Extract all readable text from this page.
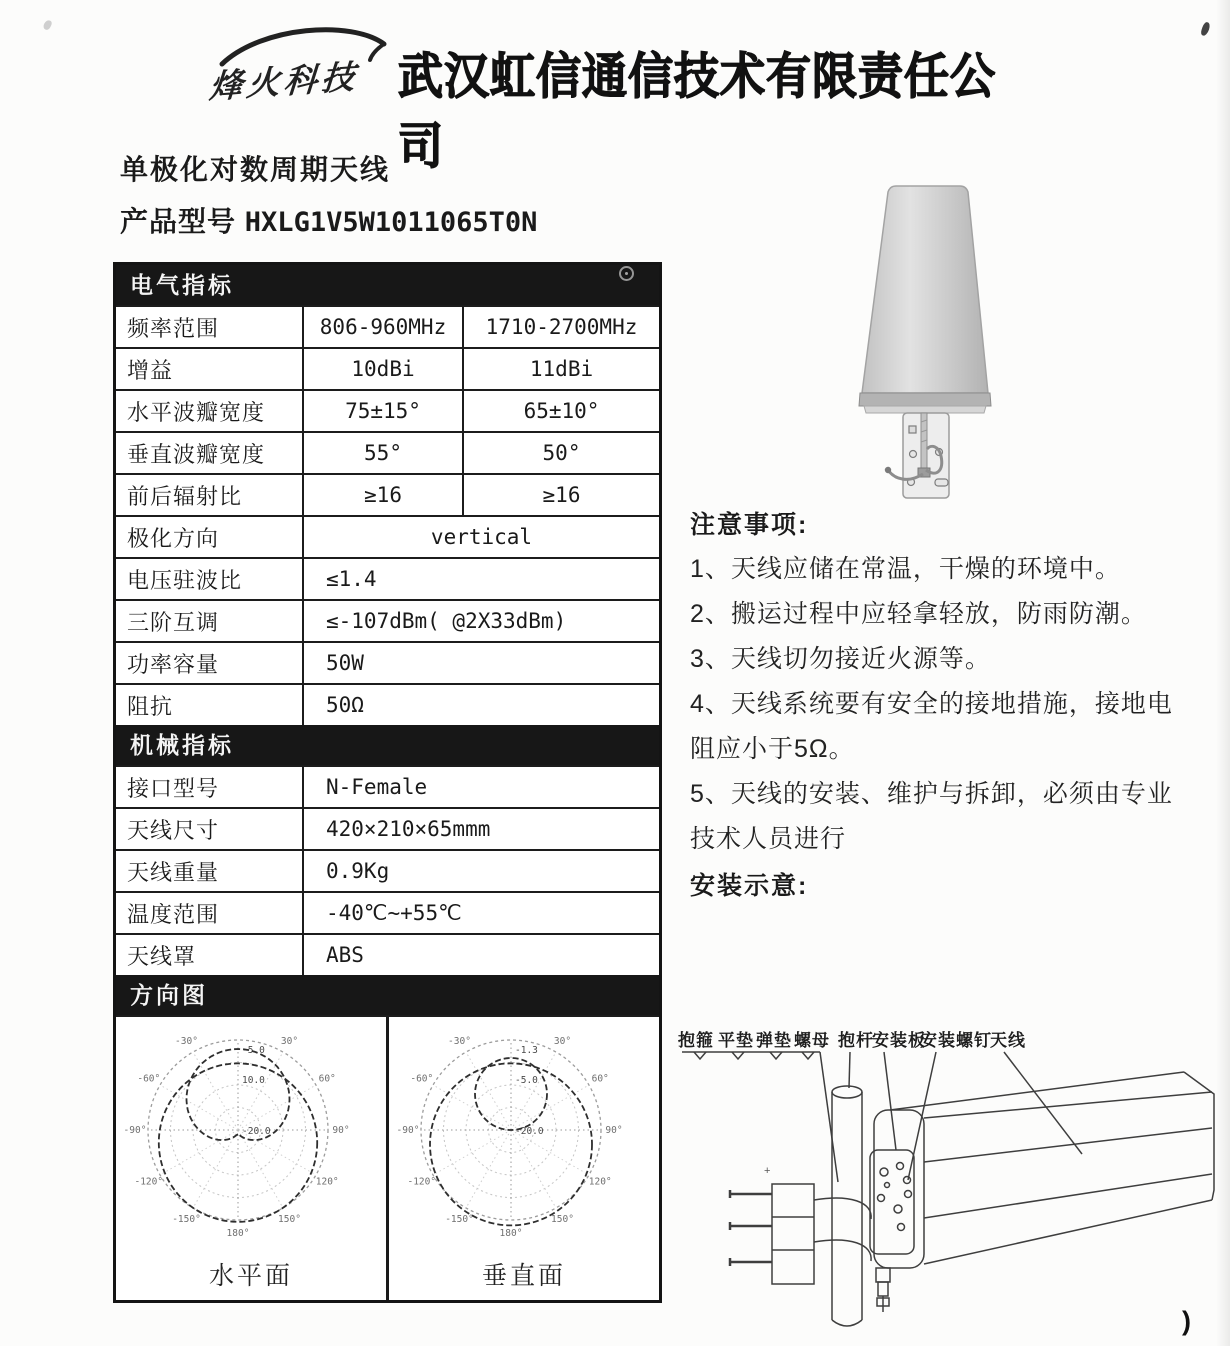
烽火科技 武汉虹信通信技术有限责任公司
单极化对数周期天线
产品型号 HXLG1V5W1011065T0N
电气指标
频率范围	806-960MHz	1710-2700MHz
增益	10dBi	11dBi
水平波瓣宽度	75±15°	65±10°
垂直波瓣宽度	55°	50°
前后辐射比	≥16	≥16
极化方向	vertical
电压驻波比	≤1.4
三阶互调	≤-107dBm( @2X33dBm)
功率容量	50W
阻抗	50Ω
机械指标
接口型号	N-Female
天线尺寸	420×210×65mmm
天线重量	0.9Kg
温度范围	-40℃~+55℃
天线罩	ABS
方向图
-30°	30°
-60°	60°
-90°	90°
-120°	120°
-150°	150°
180°
-5.0
10.0
-20.0
水平面
-30°	30°
-60°	60°
-90°	90°
-120°	120°
-150°	150°
180°
-1.3
-5.0
-20.0
垂直面
注意事项:

1、天线应储在常温，干燥的环境中。

2、搬运过程中应轻拿轻放，防雨防潮。

3、天线切勿接近火源等。

4、天线系统要有安全的接地措施，接地电阻应小于5Ω。

5、天线的安装、维护与拆卸，必须由专业技术人员进行

安装示意:
抱箍 平垫 弹垫 螺母 抱杆
安装板
安装螺钉
天线
+
)
